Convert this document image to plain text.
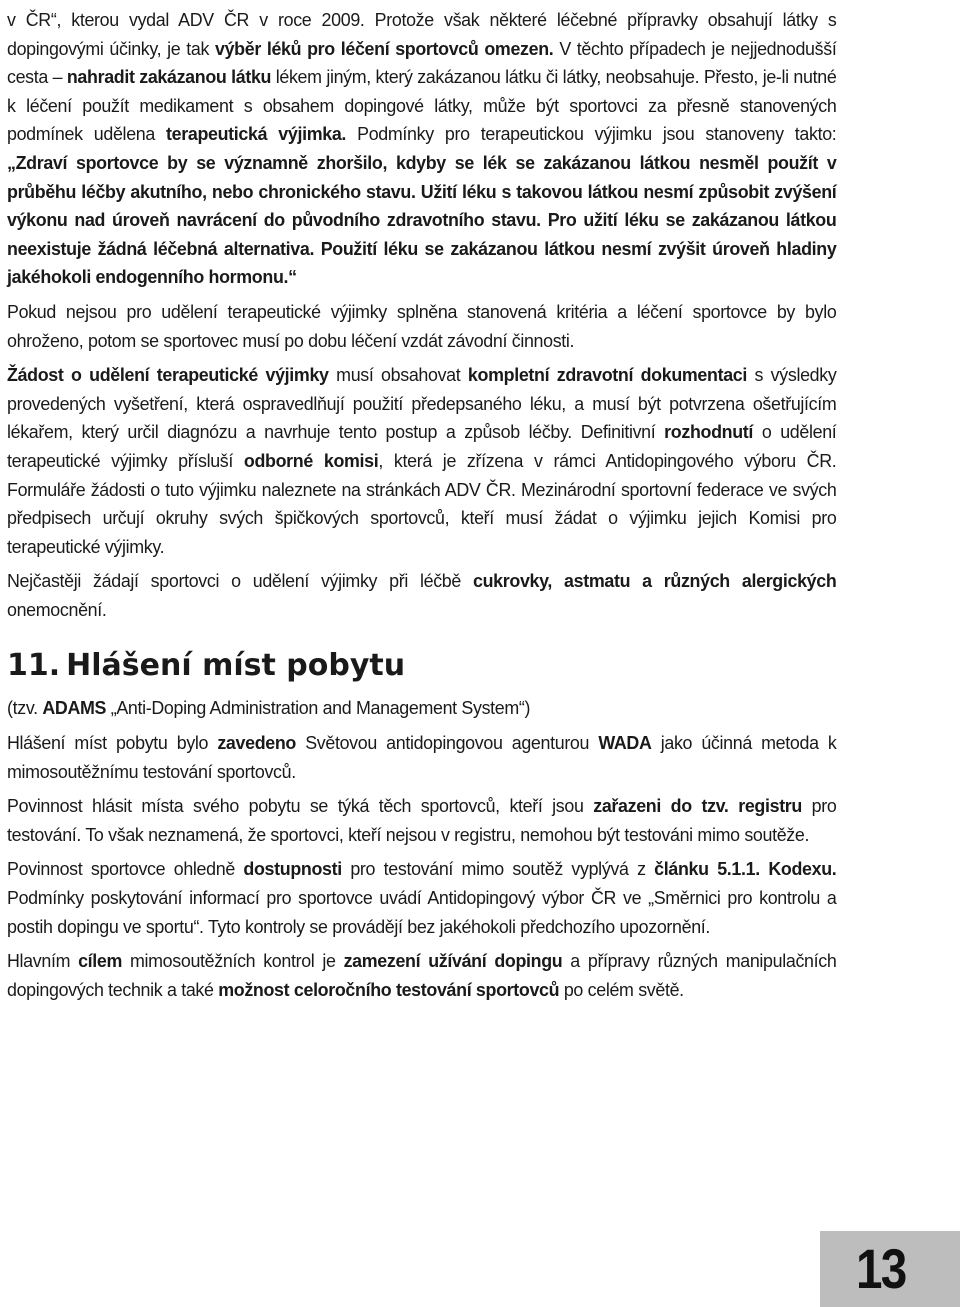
v ČR“, kterou vydal ADV ČR v roce 2009. Protože však některé léčebné přípravky obsahují látky s dopingovými účinky, je tak výběr léků pro léčení sportovců omezen. V těchto případech je nejjednodušší cesta – nahradit zakázanou látku lékem jiným, který zakázanou látku či látky, neobsahuje. Přesto, je-li nutné k léčení použít medikament s obsahem dopingové látky, může být sportovci za přesně stanovených podmínek udělena terapeutická výjimka. Podmínky pro terapeutickou výjimku jsou stanoveny takto: „Zdraví sportovce by se významně zhoršilo, kdyby se lék se zakázanou látkou nesměl použít v průběhu léčby akutního, nebo chronického stavu. Užití léku s takovou látkou nesmí způsobit zvýšení výkonu nad úroveň navrácení do původního zdravotního stavu. Pro užití léku se zakázanou látkou neexistuje žádná léčebná alternativa. Použití léku se zakázanou látkou nesmí zvýšit úroveň hladiny jakéhokoli endogenního hormonu.“

Pokud nejsou pro udělení terapeutické výjimky splněna stanovená kritéria a léčení sportovce by bylo ohroženo, potom se sportovec musí po dobu léčení vzdát závodní činnosti.

Žádost o udělení terapeutické výjimky musí obsahovat kompletní zdravotní dokumentaci s výsledky provedených vyšetření, která ospravedlňují použití předepsaného léku, a musí být potvrzena ošetřujícím lékařem, který určil diagnózu a navrhuje tento postup a způsob léčby. Definitivní rozhodnutí o udělení terapeutické výjimky přísluší odborné komisi, která je zřízena v rámci Antidopingového výboru ČR. Formuláře žádosti o tuto výjimku naleznete na stránkách ADV ČR. Mezinárodní sportovní federace ve svých předpisech určují okruhy svých špičkových sportovců, kteří musí žádat o výjimku jejich Komisi pro terapeutické výjimky.

Nejčastěji žádají sportovci o udělení výjimky při léčbě cukrovky, astmatu a různých alergických onemocnění.

11. Hlášení míst pobytu

(tzv. ADAMS „Anti-Doping Administration and Management System“)

Hlášení míst pobytu bylo zavedeno Světovou antidopingovou agenturou WADA jako účinná metoda k mimosoutěžnímu testování sportovců.

Povinnost hlásit místa svého pobytu se týká těch sportovců, kteří jsou zařazeni do tzv. registru pro testování. To však neznamená, že sportovci, kteří nejsou v registru, nemohou být testováni mimo soutěže.

Povinnost sportovce ohledně dostupnosti pro testování mimo soutěž vyplývá z článku 5.1.1. Kodexu. Podmínky poskytování informací pro sportovce uvádí Antidopingový výbor ČR ve „Směrnici pro kontrolu a postih dopingu ve sportu“. Tyto kontroly se provádějí bez jakéhokoli předchozího upozornění.

Hlavním cílem mimosoutěžních kontrol je zamezení užívání dopingu a přípravy různých manipulačních dopingových technik a také možnost celoročního testování sportovců po celém světě.

13
